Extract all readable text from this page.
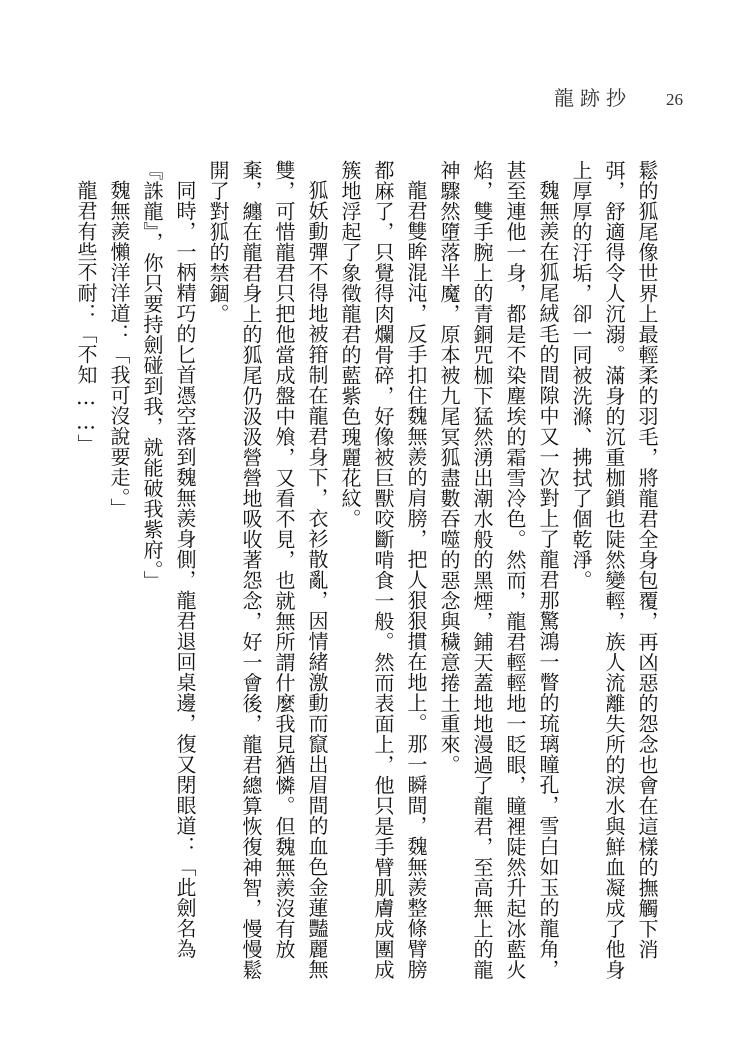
龍跡抄 26

鬆的狐尾像世界上最輕柔的羽毛，將龍君全身包覆，再凶惡的怨念也會在這樣的撫觸下消弭，舒適得令人沉溺。滿身的沉重枷鎖也陡然變輕，族人流離失所的淚水與鮮血凝成了他身上厚厚的汙垢，卻一同被洗滌、拂拭了個乾淨。

魏無羨在狐尾絨毛的間隙中又一次對上了龍君那驚鴻一瞥的琉璃瞳孔，雪白如玉的龍角，甚至連他一身，都是不染塵埃的霜雪冷色。然而，龍君輕輕地一眨眼，瞳裡陡然升起冰藍火焰，雙手腕上的青銅咒枷下猛然湧出潮水般的黑煙，鋪天蓋地地漫過了龍君，至高無上的龍神驟然墮落半魔，原本被九尾冥狐盡數吞噬的惡念與穢意捲土重來。

龍君雙眸混沌，反手扣住魏無羨的肩膀，把人狠狠摜在地上。那一瞬間，魏無羨整條臂膀都麻了，只覺得肉爛骨碎，好像被巨獸咬斷啃食一般。然而表面上，他只是手臂肌膚成團成簇地浮起了象徵龍君的藍紫色瑰麗花紋。

狐妖動彈不得地被箝制在龍君身下，衣衫散亂，因情緒激動而竄出眉間的血色金蓮豔麗無雙，可惜龍君只把他當成盤中飧，又看不見，也就無所謂什麼我見猶憐。但魏無羨沒有放棄，纏在龍君身上的狐尾仍汲汲營營地吸收著怨念，好一會後，龍君總算恢復神智，慢慢鬆開了對狐的禁錮。

同時，一柄精巧的匕首憑空落到魏無羨身側，龍君退回桌邊，復又閉眼道：「此劍名為『誅龍』，你只要持劍碰到我，就能破我紫府。」

魏無羨懶洋洋道：「我可沒說要走。」

龍君有些不耐：「不知……」
